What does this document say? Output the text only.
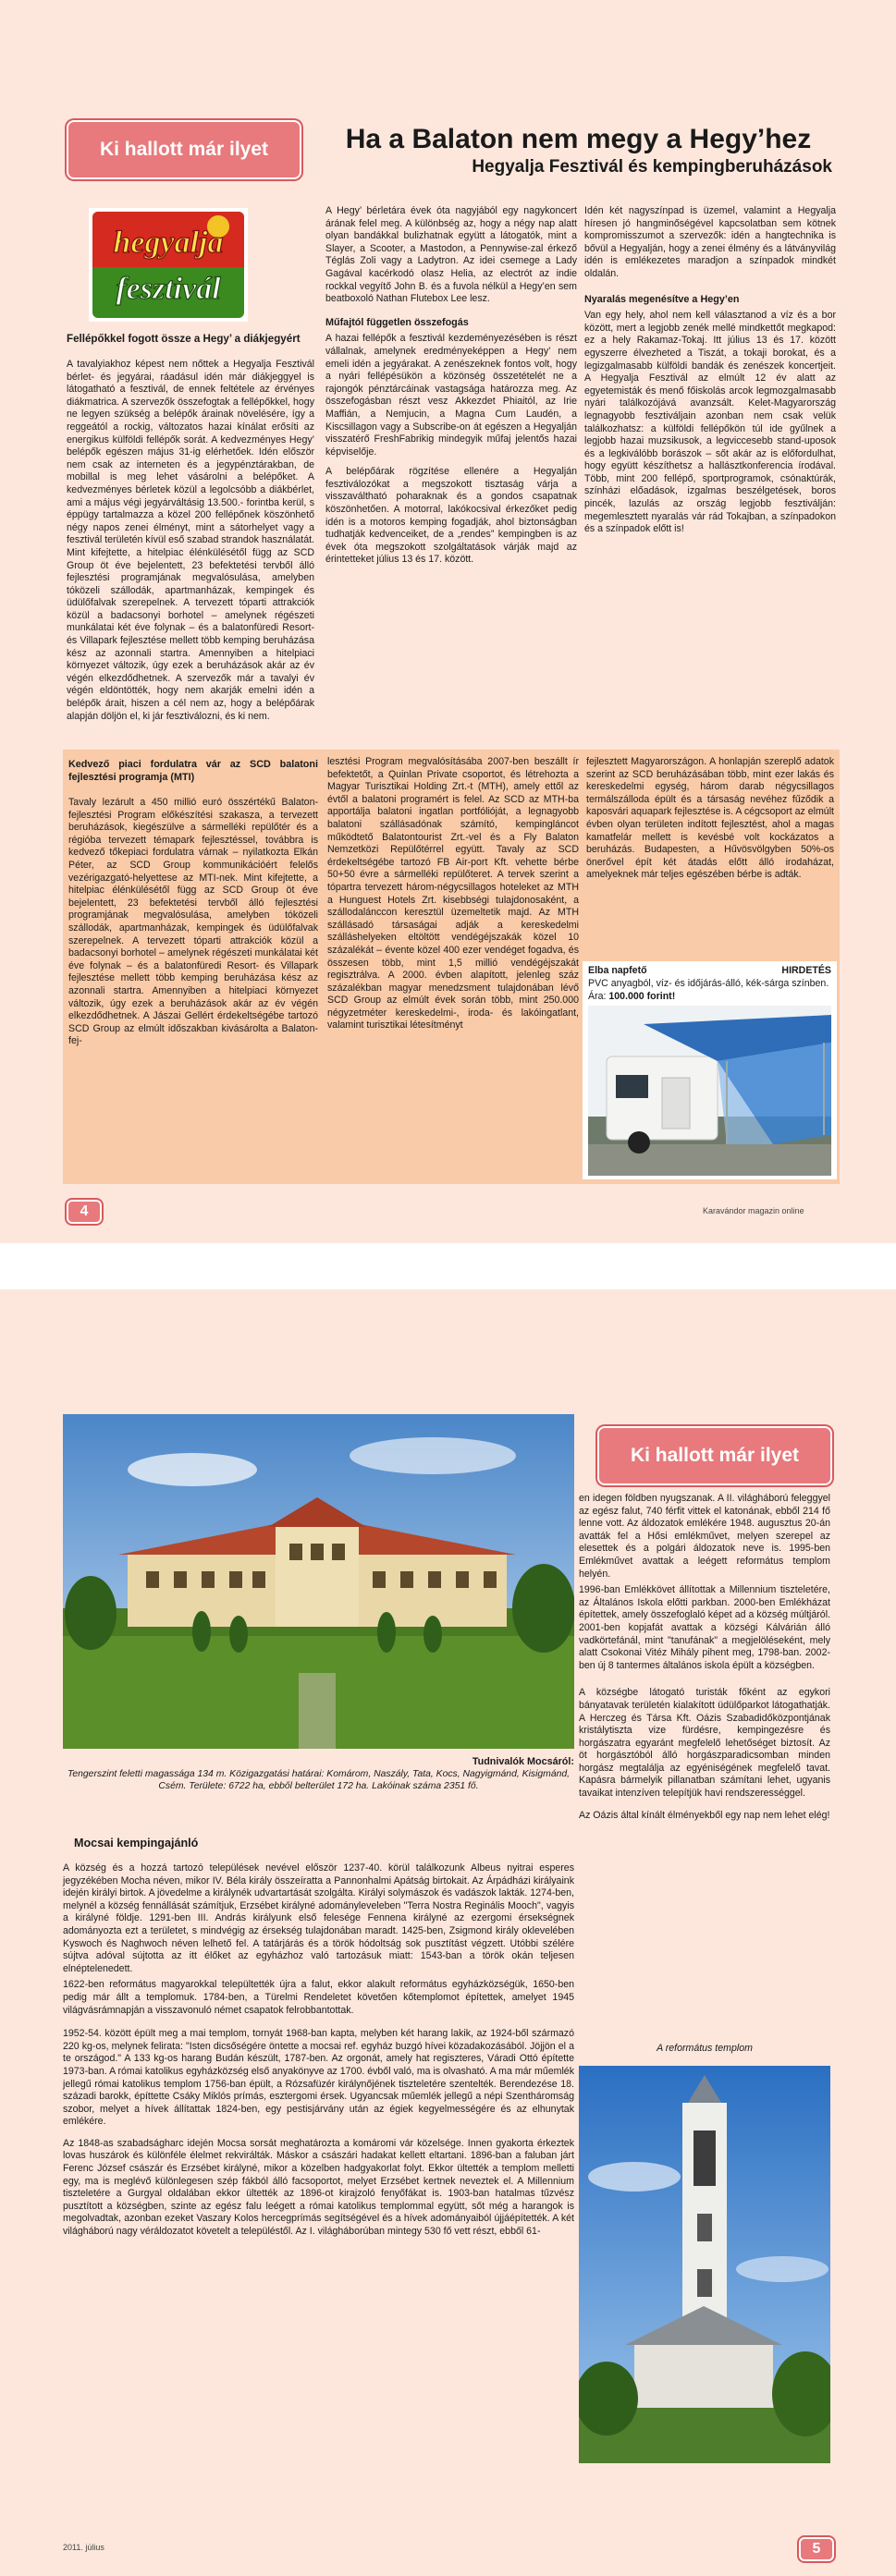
Ki hallott már ilyet	Ha a Balaton nem megy a Hegy’hez
Hegyalja Fesztivál és kempingberuházások
hegyalja
fesztivál
Fellépőkkel fogott össze a Hegy’ a diákjegyért

A tavalyiakhoz képest nem nőttek a Hegyalja Fesztivál bérlet- és jegyárai, ráadásul idén már diákjeggyel is látogatható a fesztivál, de ennek feltétele az érvényes diákmatrica. A szervezők összefogtak a fellépőkkel, hogy ne legyen szükség a belépők árainak növelésére, így a reggeától a rockig, változatos hazai kínálat erősíti az energikus külföldi fellépők sorát. A kedvezményes Hegy’ belépők egészen május 31-ig elérhetőek. Idén először nem csak az interneten és a jegypénztárakban, de mobillal is meg lehet vásárolni a belépőket. A kedvezményes bérletek közül a legolcsóbb a diákbérlet, ami a május végi jegyárváltásig 13.500.- forintba kerül, s éppügy tartalmazza a közel 200 fellépőnek köszönhető négy napos zenei élményt, mint a sátorhelyet vagy a fesztivál területén kívül eső szabad strandok használatát. Mint kifejtette, a hitelpiac élénkülésétől függ az SCD Group öt éve bejelentett, 23 befektetési tervből álló fejlesztési programjának megvalósulása, amelyben tóközeli szállodák, apartmanházak, kempingek és üdülőfalvak szerepelnek. A tervezett tóparti attrakciók közül a badacsonyi borhotel – amelynek régészeti munkálatai két éve folynak – és a balatonfüredi Resort- és Villapark fejlesztése mellett több kemping beruházása kész az azonnali startra. Amennyiben a hitelpiaci környezet változik, úgy ezek a beruházások akár az év végén elkezdődhetnek. A szervezők már a tavalyi év végén eldöntötték, hogy nem akarják emelni idén a belépők árait, hiszen a cél nem az, hogy a belépőárak alapján döljön el, ki jár fesztiválozni, és ki nem.

A Hegy’ bérletára évek óta nagyjából egy nagykoncert árának felel meg. A különbség az, hogy a négy nap alatt olyan bandákkal bulizhatnak együtt a látogatók, mint a Slayer, a Scooter, a Mastodon, a Pennywise-zal érkező Téglás Zoli vagy a Ladytron. Az idei csemege a Lady Gagával kacérkodó olasz Helia, az electrót az indie rockkal vegyítő John B. és a fuvola nélkül a Hegy’en sem beatboxoló Nathan Flutebox Lee lesz.

Műfajtól független összefogás

A hazai fellépők a fesztivál kezdeményezésében is részt vállalnak, amelynek eredményeképpen a Hegy’ nem emeli idén a jegyárakat. A zenészeknek fontos volt, hogy a nyári fellépésükön a közönség összetételét ne a rajongók pénztárcáinak vastagsága határozza meg. Az összefogásban részt vesz Akkezdet Phiaitól, az Irie Maffián, a Nemjucin, a Magna Cum Laudén, a Kiscsillagon vagy a Subscribe-on át egészen a Hegyalján visszatérő FreshFabrikig mindegyik műfaj jelentős hazai képviselője.

A belépőárak rögzítése ellenére a Hegyalján fesztiválozókat a megszokott tisztaság várja a visszaváltható poharaknak és a gondos csapatnak köszönhetően. A motorral, lakókocsival érkezőket pedig idén is a motoros kemping fogadják, ahol biztonságban tudhatják kedvenceiket, de a „rendes” kempingben is az évek óta megszokott szolgáltatások várják majd az érintetteket július 13 és 17. között.

Idén két nagyszínpad is üzemel, valamint a Hegyalja híresen jó hangminőségével kapcsolatban sem kötnek kompromisszumot a szervezők: idén a hangtechnika is bővül a Hegyalján, hogy a zenei élmény és a látványvilág idén is emlékezetes maradjon a színpadok mindkét oldalán.

Nyaralás megenésítve a Hegy’en

Van egy hely, ahol nem kell választanod a víz és a bor között, mert a legjobb zenék mellé mindkettőt megkapod: ez a hely Rakamaz-Tokaj. Itt július 13 és 17. között egyszerre élvezheted a Tiszát, a tokaji borokat, és a legizgalmasabb külföldi bandák és zenészek koncertjeit. A Hegyalja Fesztivál az elmúlt 12 év alatt az egyetemisták és menő főiskolás arcok legmozgalmasabb nyári találkozójává avanzsált. Kelet-Magyarország legnagyobb fesztiváljain azonban nem csak velük találkozhatsz: a külföldi fellépőkön túl ide gyűlnek a legjobb hazai muzsikusok, a legviccesebb stand-uposok és a legkiválóbb borászok – sőt akár az is előfordulhat, hogy együtt készíthetsz a hallásztkonferencia írodával. Több, mint 200 fellépő, sportprogramok, csónaktúrák, színházi előadások, izgalmas beszélgetések, boros pincék, lazulás az ország legjobb fesztiválján: megemlesztett nyaralás vár rád Tokajban, a színpadokon és a színpadok előtt is!

Kedvező piaci fordulatra vár az SCD balatoni fejlesztési programja (MTI)

Tavaly lezárult a 450 millió euró összértékű Balaton-fejlesztési Program előkészítési szakasza, a tervezett beruházások, kiegészülve a sármelléki repülőtér és a régióba tervezett témapark fejlesztéssel, továbbra is kedvező tőkepiaci fordulatra várnak – nyilatkozta Elkán Péter, az SCD Group kommunikációért felelős vezérigazgató-helyettese az MTI-nek. Mint kifejtette, a hitelpiac élénkülésétől függ az SCD Group öt éve bejelentett, 23 befektetési tervből álló fejlesztési programjának megvalósulása, amelyben tóközeli szállodák, apartmanházak, kempingek és üdülőfalvak szerepelnek. A tervezett tóparti attrakciók közül a badacsonyi borhotel – amelynek régészeti munkálatai két éve folynak – és a balatonfüredi Resort- és Villapark fejlesztése mellett több kemping beruházása kész az azonnali startra. Amennyiben a hitelpiaci környezet változik, úgy ezek a beruházások akár az év végén elkezdődhetnek. A Jászai Gellért érdekeltségébe tartozó SCD Group az elmúlt időszakban kivásárolta a Balaton-fej-

lesztési Program megvalósításába 2007-ben beszállt ír befektetőt, a Quinlan Private csoportot, és létrehozta a Magyar Turisztikai Holding Zrt.-t (MTH), amely ettől az évtől a balatoni programért is felel. Az SCD az MTH-ba apportálja balatoni ingatlan portfólióját, a legnagyobb balatoni szállásadónak számító, kempingláncot működtető Balatontourist Zrt.-vel és a Fly Balaton Nemzetközi Repülőtérrel együtt. Tavaly az SCD érdekeltségébe tartozó FB Air-port Kft. vehette bérbe 50+50 évre a sármelléki repülőteret. A tervek szerint a tópartra tervezett három-négycsillagos hoteleket az MTH a Hunguest Hotels Zrt. kisebbségi tulajdonosaként, a szállodalánccon keresztül üzemeltetik majd. Az MTH szállásadó társaságai adják a kereskedelmi szálláshelyeken eltöltött vendégéjszakák közel 10 százalékát – évente közel 400 ezer vendéget fogadva, és összesen több, mint 1,5 millió vendégéjszakát regisztrálva. A 2000. évben alapított, jelenleg száz százalékban magyar menedzsment tulajdonában lévő SCD Group az elmúlt évek során több, mint 250.000 négyzetméter kereskedelmi-, iroda- és lakóingatlant, valamint turisztikai létesítményt

fejlesztett Magyarországon. A honlapján szereplő adatok szerint az SCD beruházásában több, mint ezer lakás és kereskedelmi egység, három darab négycsillagos termálszálloda épült és a társaság nevéhez fűződik a kaposvári aquapark fejlesztése is. A cégcsoport az elmúlt évben olyan területen indított fejlesztést, ahol a magas kamatfelár mellett is kevésbé volt kockázatos a beruházás. Budapesten, a Hűvösvölgyben 50%-os önerővel épít két átadás előtt álló irodaházat, amelyeknek már teljes egészében bérbe is adták.

Elba napfető	HIRDETÉS
PVC anyagból, víz- és időjárás-álló, kék-sárga színben. Ára: 100.000 forint!
4	Karavándor magazin online
Ki hallott már ilyet
Tudnivalók Mocsáról:
Tengerszint feletti magassága 134 m. Közigazgatási határai: Komárom, Naszály, Tata, Kocs, Nagyigmánd, Kisigmánd, Csém. Területe: 6722 ha, ebből belterület 172 ha. Lakóinak száma 2351 fő.
Mocsai kempingajánló

A község és a hozzá tartozó települések nevével először 1237-40. körül találkozunk Albeus nyitrai esperes jegyzékében Mocha néven, mikor IV. Béla király összeíratta a Pannonhalmi Apátság birtokait. Az Árpádházi királyaink idején királyi birtok. A jövedelme a királynék udvartartását szolgálta. Királyi solymászok és vadászok lakták. 1274-ben, melynél a község fennállását számítjuk, Erzsébet királyné adományleveleben "Terra Nostra Reginális Mooch", vagyis a királyné földje. 1291-ben III. András királyunk első feleségе Fennena királyné az ezergomi érsekségnek adományozta ezt a területet, s mindvégig az érsekség tulajdonában maradt. 1425-ben, Zsigmond király oklevelében Kyswoch és Naghwoch néven lelhető fel. A tatárjárás és a török hódoltság sok pusztítást végzett. Utóbbi szélére sújtva adóval sújtotta az itt élőket az egyházhoz való tartozásuk miatt: 1543-ban a török okán teljesen elnéptelenedett.

1622-ben református magyarokkal települtették újra a falut, ekkor alakult református egyházközségük, 1650-ben pedig már állt a templomuk. 1784-ben, a Türelmi Rendeletet követően kőtemplomot építettek, amelyet 1945 világvásrámnapján a visszavonuló német csapatok felrobbantottak.

1952-54. között épült meg a mai templom, tornyát 1968-ban kapta, melyben két harang lakik, az 1924-ből származó 220 kg-os, melynek felirata: "Isten dicsőségére öntette a mocsai ref. egyház buzgó hívei közadakozásából. Jöjjön el a te országod." A 133 kg-os harang Budán készült, 1787-ben. Az orgonát, amely hat regiszteres, Váradi Ottó építette 1973-ban. A római katolikus egyházközség első anyakönyve az 1700. évből való, ma is olvasható. A ma már műemlék jellegű római katolikus templom 1756-ban épült, a Rózsafüzér királynőjének tiszteletére szentelték. Berendezése 18. századi barokk, építtette Csáky Miklós prímás, esztergomi érsek. Ugyancsak műemlék jellegű a népi Szentháromság szobor, melyet a hívek állítattak 1824-ben, egy pestisjárvány után az égiek kegyelmességére és az elhunytak emlékére.

Az 1848-as szabadságharc idején Mocsa sorsát meghatározta a komáromi vár közelsége. Innen gyakorta érkeztek lovas huszárok és különféle élelmet rekvirálták. Máskor a császári hadakat kellett eltartani. 1896-ban a faluban járt Ferenc József császár és Erzsébet királyné, mikor a közelben hadgyakorlat folyt. Ekkor ültették a templom melletti egy, ma is meglévő különlegesen szép fákból álló facsoportot, melyet Erzsébet kertnek neveztek el. A Millennium tiszteletére a Gurgyal oldalában ekkor ültették az 1896-ot kirajzoló fenyőfákat is. 1903-ban hatalmas tűzvész pusztított a községben, szinte az egész falu leégett a római katolikus templommal együtt, sőt még a harangok is megolvadtak, azonban ezeket Vaszary Kolos hercegprímás segítségével és a hívek adományaiból újjáépítették. A két világháború nagy véráldozatot követelt a településtől. Az I. világháborúban mintegy 530 fő vett részt, ebből 61-

en idegen földben nyugszanak. A II. világháború feleggyel az egész falut, 740 férfit vittek el katonának, ebből 214 fő lenne vott. Az áldozatok emlékére 1948. augusztus 20-án avatták fel a Hősi emlékművet, melyen szerepel az elesettek és a polgári áldozatok neve is. 1995-ben Emlékművet avattak a leégett református templom helyén.

1996-ban Emlékkövet állítottak a Millennium tiszteletére, az Általános Iskola előtti parkban. 2000-ben Emlékházat építettek, amely összefoglaló képet ad a község múltjáról. 2001-ben kopjafát avattak a községi Kálvárián álló vadkörtefánál, mint "tanufának" a megjelöléseként, mely alatt Csokonai Vitéz Mihály pihent meg, 1798-ban. 2002-ben új 8 tantermes általános iskola épült a községben.

A községbe látogató turisták főként az egykori bányatavak területén kialakított üdülőparkot látogathatják. A Herczeg és Társa Kft. Oázis Szabadidőközpontjának kristálytiszta vize fürdésre, kempingezésre és horgászatra egyaránt megfelelő lehetőséget biztosít. Az öt horgásztóból álló horgászparadicsomban minden horgász megtalálja az egyéniségének megfelelő tavat. Kapásra bármelyik pillanatban számítani lehet, ugyanis tavaikat intenzíven telepítjük havi rendszerességgel.

Az Oázis által kínált élményekből egy nap nem lehet elég!

A református templom
2011. július	5
